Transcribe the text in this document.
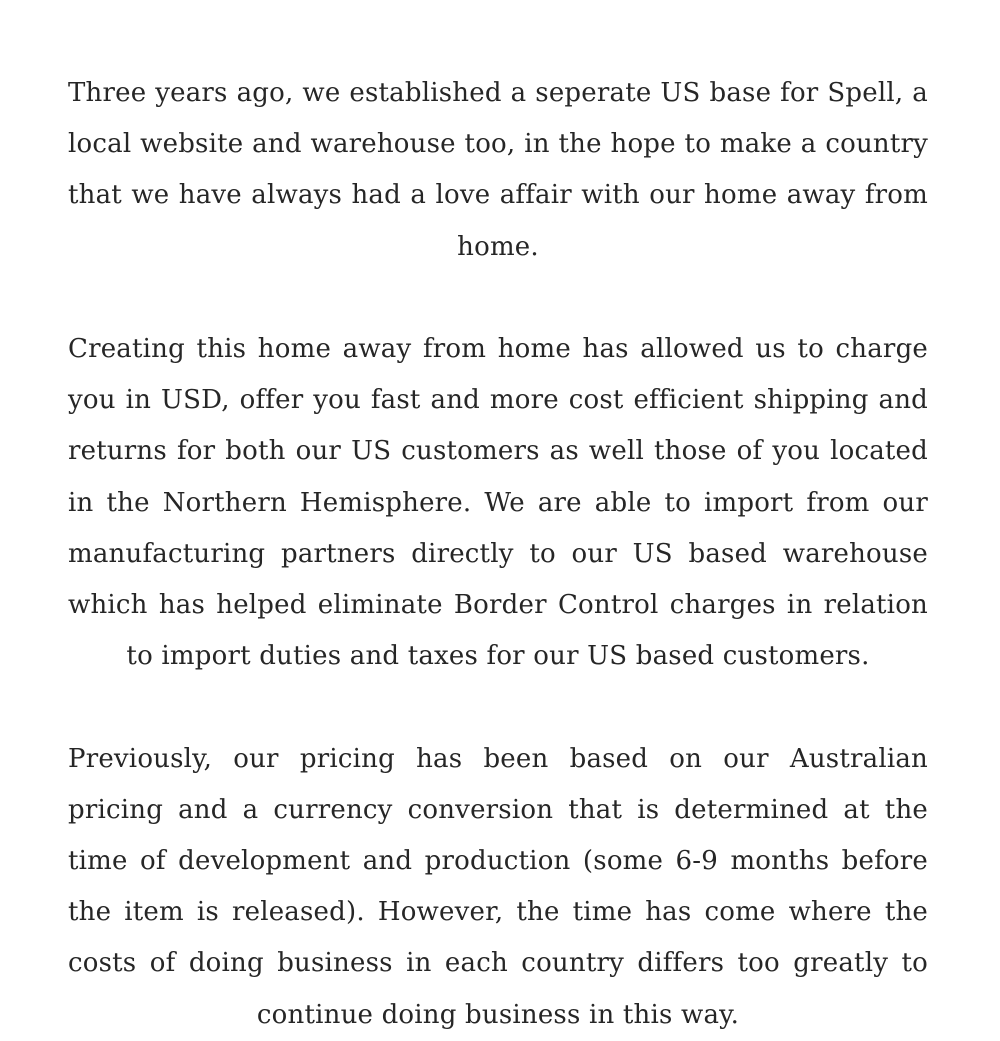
Three years ago, we established a seperate US base for Spell, a local website and warehouse too, in the hope to make a country that we have always had a love affair with our home away from home.

Creating this home away from home has allowed us to charge you in USD, offer you fast and more cost efficient shipping and returns for both our US customers as well those of you located in the Northern Hemisphere. We are able to import from our manufacturing partners directly to our US based warehouse which has helped eliminate Border Control charges in relation to import duties and taxes for our US based customers.

Previously, our pricing has been based on our Australian pricing and a currency conversion that is determined at the time of development and production (some 6-9 months before the item is released). However, the time has come where the costs of doing business in each country differs too greatly to continue doing business in this way.
